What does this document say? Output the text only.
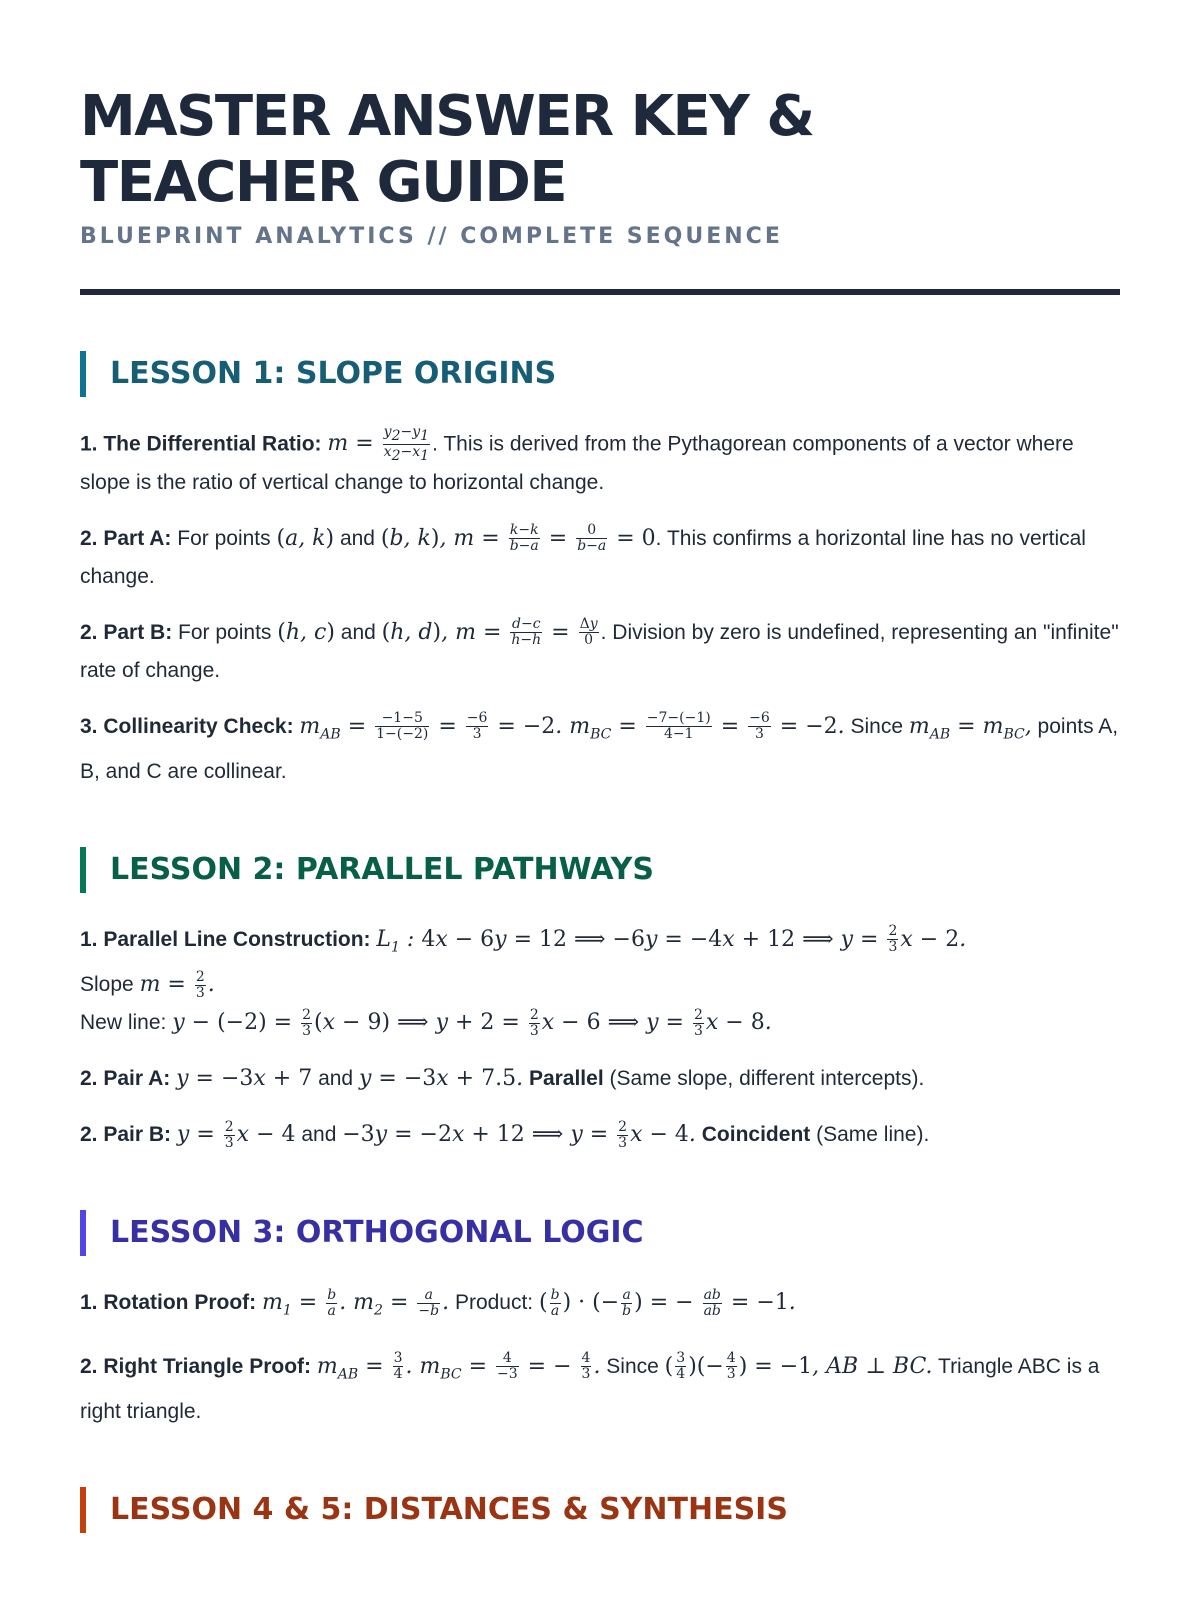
MASTER ANSWER KEY &
TEACHER GUIDE
BLUEPRINT ANALYTICS // COMPLETE SEQUENCE
LESSON 1: SLOPE ORIGINS

1. The Differential Ratio: $m = \frac{y_2-y_1}{x_2-x_1}$ . This is derived from the Pythagorean components of a vector where slope is the ratio of vertical change to horizontal change.

2. Part A: For points (a, k) and (b, k), $m = \frac{k-k}{b-a} = \frac{0}{b-a} = 0$. This confirms a horizontal line has no vertical change.

2. Part B: For points (h, c) and (h, d), $m = \frac{d-c}{h-h} = \frac{\Delta y}{0}$ . Division by zero is undefined, representing an "infinite" rate of change.

3. Collinearity Check: $m_{AB} = \frac{-1-5}{1-(-2)} = \frac{-6}{3} = -2$. $m_{BC} = \frac{-7-(-1)}{4-1} = \frac{-6}{3} = -2$. Since $m_{AB} = m_{BC}$, points A, B, and C are collinear.

LESSON 2: PARALLEL PATHWAYS

1. Parallel Line Construction: $L_1$ : 4x − 6y = 12 ⟹ −6y = −4x + 12 ⟹ $y = \frac{2}{3}$ x − 2.
Slope $m = \frac{2}{3}$ .
New line: $y - (-2) = \frac{2}{3} (x - 9)$ ⟹ $y + 2 = \frac{2}{3}$ x − 6 ⟹ $y = \frac{2}{3}$ x − 8.

2. Pair A: y = −3x + 7 and y = −3x + 7.5. Parallel (Same slope, different intercepts).

2. Pair B: $y = \frac{2}{3}$ x − 4 and −3y = −2x + 12 ⟹ $y = \frac{2}{3}$ x − 4. Coincident (Same line).

LESSON 3: ORTHOGONAL LOGIC

1. Rotation Proof: $m_1 = \frac{b}{a}$ . $m_2 = \frac{a}{-b}$ . Product: ( $\frac{b}{a}$ ) · (− $\frac{a}{b}$ ) = − $\frac{ab}{ab} = -1$.

2. Right Triangle Proof: $m_{AB} = \frac{3}{4}$ . $m_{BC} = \frac{4}{-3}$ = − $\frac{4}{3}$ . Since ( $\frac{3}{4}$ )(− $\frac{4}{3}$ ) = −1, AB ⊥ BC. Triangle ABC is a right triangle.

LESSON 4 & 5: DISTANCES & SYNTHESIS
